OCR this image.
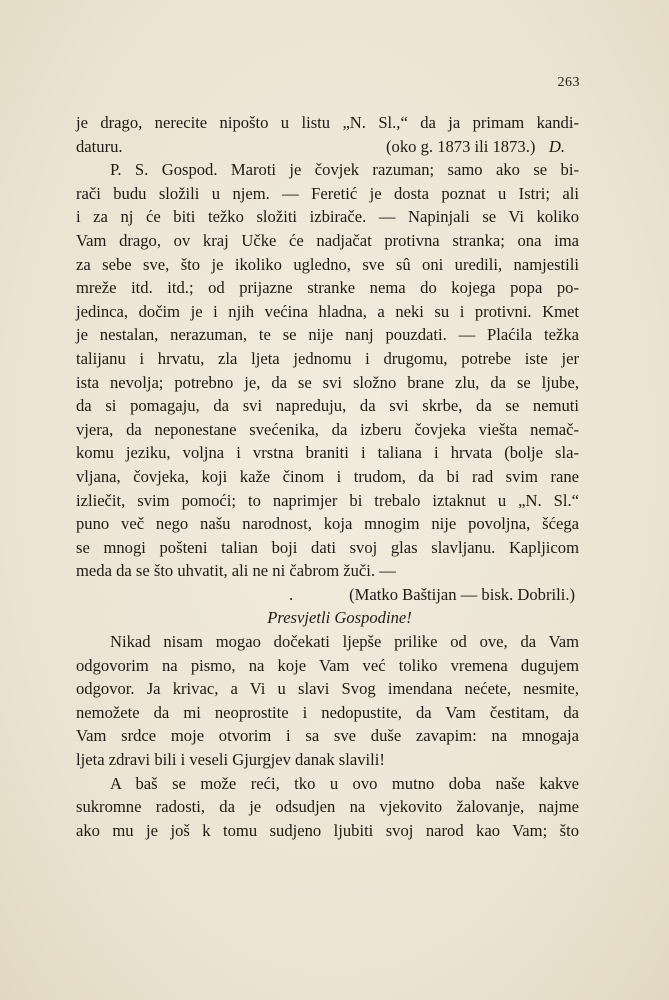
263
je drago, nerecite nipošto u listu „N. Sl.,“ da ja primam kandi-
daturu.	(oko g. 1873 ili 1873.) D.
P. S. Gospod. Maroti je čovjek razuman; samo ako se bi-
rači budu složili u njem. — Feretić je dosta poznat u Istri; ali
i za nj će biti težko složiti izbirače. — Napinjali se Vi koliko
Vam drago, ov kraj Učke će nadjačat protivna stranka; ona ima
za sebe sve, što je ikoliko ugledno, sve sû oni uredili, namjestili
mreže itd. itd.; od prijazne stranke nema do kojega popa po-
jedinca, dočim je i njih većina hladna, a neki su i protivni. Kmet
je nestalan, nerazuman, te se nije nanj pouzdati. — Plaćila težka
talijanu i hrvatu, zla ljeta jednomu i drugomu, potrebe iste jer
ista nevolja; potrebno je, da se svi složno brane zlu, da se ljube,
da si pomagaju, da svi napreduju, da svi skrbe, da se nemuti
vjera, da neponestane svećenika, da izberu čovjeka viešta nemač-
komu jeziku, voljna i vrstna braniti i taliana i hrvata (bolje sla-
vljana, čovjeka, koji kaže činom i trudom, da bi rad svim rane
izliečit, svim pomoći; to naprimjer bi trebalo iztaknut u „N. Sl.“
puno več nego našu narodnost, koja mnogim nije povoljna, šćega
se mnogi pošteni talian boji dati svoj glas slavljanu. Kapljicom
meda da se što uhvatit, ali ne ni čabrom žuči. —
.	(Matko Baštijan — bisk. Dobrili.)
Presvjetli Gospodine!
Nikad nisam mogao dočekati ljepše prilike od ove, da Vam
odgovorim na pismo, na koje Vam već toliko vremena dugujem
odgovor. Ja krivac, a Vi u slavi Svog imendana nećete, nesmite,
nemožete da mi neoprostite i nedopustite, da Vam čestitam, da
Vam srdce moje otvorim i sa sve duše zavapim: na mnogaja
ljeta zdravi bili i veseli Gjurgjev danak slavili!
A baš se može reći, tko u ovo mutno doba naše kakve
sukromne radosti, da je odsudjen na vjekovito žalovanje, najme
ako mu je još k tomu sudjeno ljubiti svoj narod kao Vam; što
